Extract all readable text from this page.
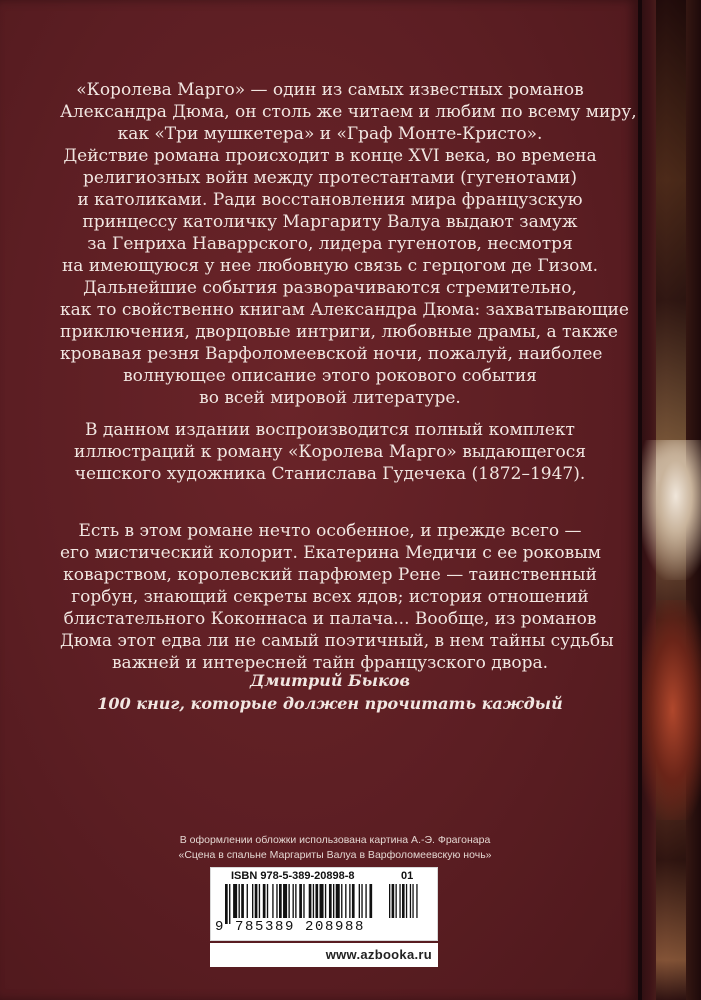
«Королева Марго» — один из самых известных романов
Александра Дюма, он столь же читаем и любим по всему миру,
как «Три мушкетера» и «Граф Монте-Кристо».
Действие романа происходит в конце XVI века, во времена
религиозных войн между протестантами (гугенотами)
и католиками. Ради восстановления мира французскую
принцессу католичку Маргариту Валуа выдают замуж
за Генриха Наваррского, лидера гугенотов, несмотря
на имеющуюся у нее любовную связь с герцогом де Гизом.
Дальнейшие события разворачиваются стремительно,
как то свойственно книгам Александра Дюма: захватывающие
приключения, дворцовые интриги, любовные драмы, а также
кровавая резня Варфоломеевской ночи, пожалуй, наиболее
волнующее описание этого рокового события
во всей мировой литературе.
В данном издании воспроизводится полный комплект
иллюстраций к роману «Королева Марго» выдающегося
чешского художника Станислава Гудечека (1872–1947).
Есть в этом романе нечто особенное, и прежде всего —
его мистический колорит. Екатерина Медичи с ее роковым
коварством, королевский парфюмер Рене — таинственный
горбун, знающий секреты всех ядов; история отношений
блистательного Коконнаса и палача... Вообще, из романов
Дюма этот едва ли не самый поэтичный, в нем тайны судьбы
важней и интересней тайн французского двора.
Дмитрий Быков
100 книг, которые должен прочитать каждый
В оформлении обложки использована картина А.-Э. Фрагонара
«Сцена в спальне Маргариты Валуа в Варфоломеевскую ночь»
ISBN 978-5-389-20898-8	01
9 785389 208988
www.azbooka.ru
